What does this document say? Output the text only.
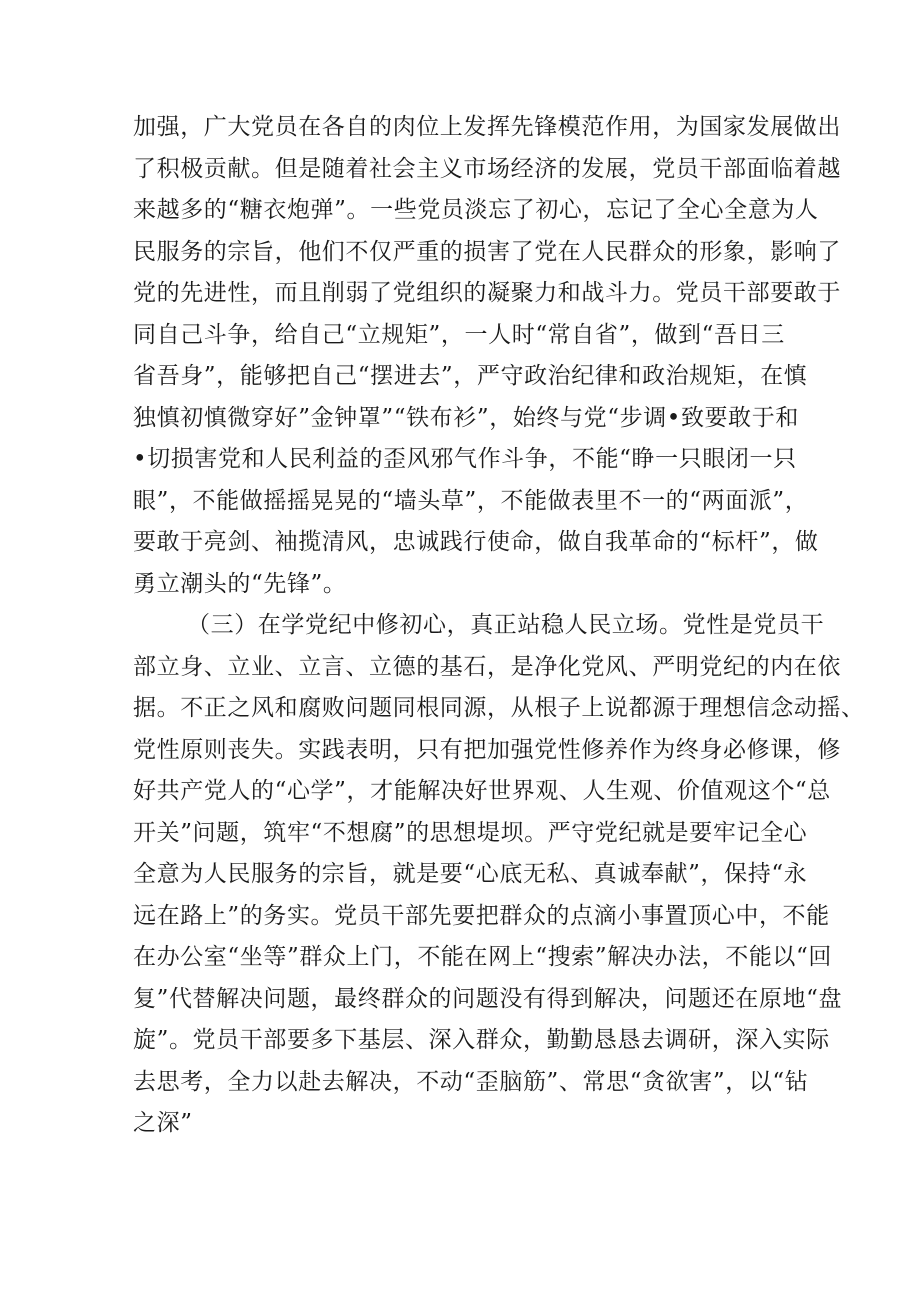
加强，广大党员在各自的肉位上发挥先锋模范作用，为国家发展做出
了积极贡献。但是随着社会主义市场经济的发展，党员干部面临着越
来越多的“糖衣炮弹”。一些党员淡忘了初心，忘记了全心全意为人
民服务的宗旨，他们不仅严重的损害了党在人民群众的形象，影响了
党的先进性，而且削弱了党组织的凝聚力和战斗力。党员干部要敢于
同自己斗争，给自己“立规矩”，一人时“常自省”，做到“吾日三
省吾身”，能够把自己“摆进去”，严守政治纪律和政治规矩，在慎
独慎初慎微穿好”金钟罩”“铁布衫”，始终与党“步调•致要敢于和
•切损害党和人民利益的歪风邪气作斗争，不能“睁一只眼闭一只
眼”，不能做摇摇晃晃的“墙头草”，不能做表里不一的“两面派”，
要敢于亮剑、袖揽清风，忠诚践行使命，做自我革命的“标杆”，做
勇立潮头的“先锋”。
（三）在学党纪中修初心，真正站稳人民立场。党性是党员干
部立身、立业、立言、立德的基石，是净化党风、严明党纪的内在依
据。不正之风和腐败问题同根同源，从根子上说都源于理想信念动摇、
党性原则丧失。实践表明，只有把加强党性修养作为终身必修课，修
好共产党人的“心学”，才能解决好世界观、人生观、价值观这个“总
开关”问题，筑牢“不想腐”的思想堤坝。严守党纪就是要牢记全心
全意为人民服务的宗旨，就是要“心底无私、真诚奉献”，保持“永
远在路上”的务实。党员干部先要把群众的点滴小事置顶心中，不能
在办公室“坐等”群众上门，不能在网上“搜索”解决办法，不能以“回
复”代替解决问题，最终群众的问题没有得到解决，问题还在原地“盘
旋”。党员干部要多下基层、深入群众，勤勤恳恳去调研，深入实际
去思考，全力以赴去解决，不动“歪脑筋”、常思“贪欲害”，以“钻
之深”
